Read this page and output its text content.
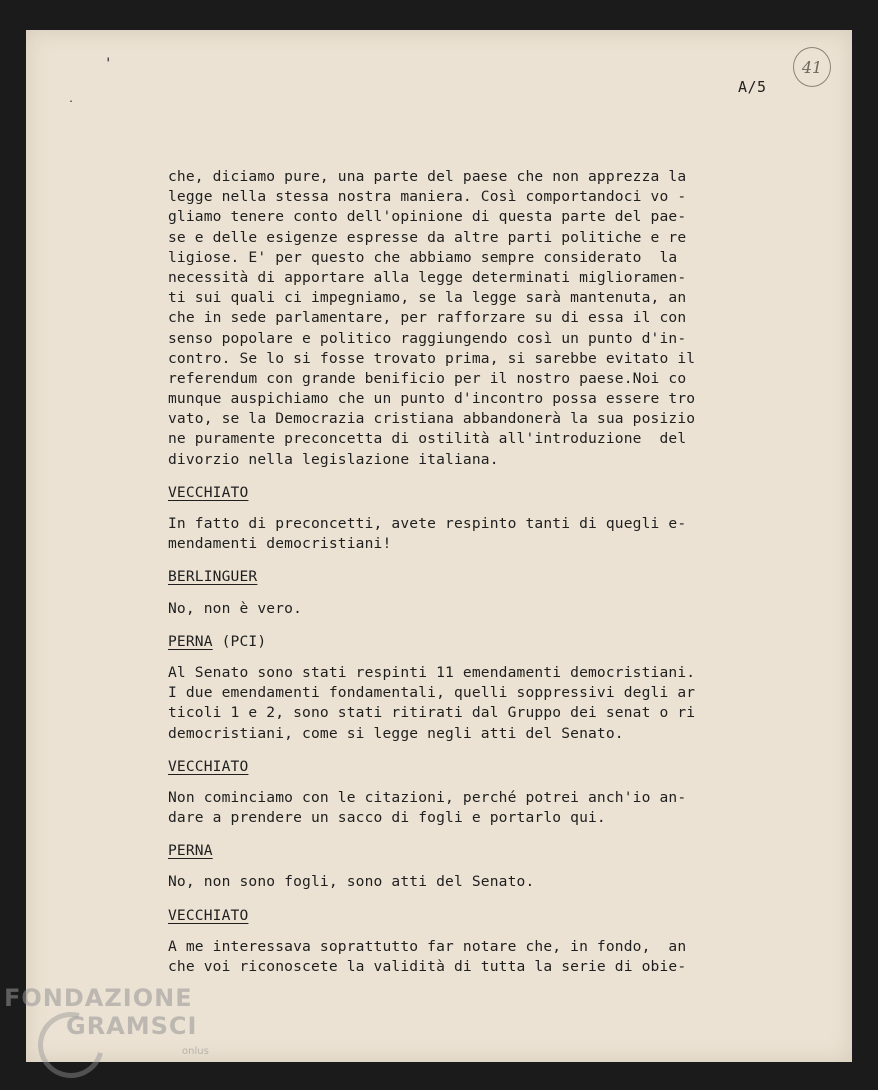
'
.
A/5
41
che, diciamo pure, una parte del paese che non apprezza la
legge nella stessa nostra maniera. Così comportandoci vo -
gliamo tenere conto dell'opinione di questa parte del pae-
se e delle esigenze espresse da altre parti politiche e re
ligiose. E' per questo che abbiamo sempre considerato  la
necessità di apportare alla legge determinati miglioramen-
ti sui quali ci impegniamo, se la legge sarà mantenuta, an
che in sede parlamentare, per rafforzare su di essa il con
senso popolare e politico raggiungendo così un punto d'in-
contro. Se lo si fosse trovato prima, si sarebbe evitato il
referendum con grande benificio per il nostro paese.Noi co
munque auspichiamo che un punto d'incontro possa essere tro
vato, se la Democrazia cristiana abbandonerà la sua posizio
ne puramente preconcetta di ostilità all'introduzione  del
divorzio nella legislazione italiana.
VECCHIATO
In fatto di preconcetti, avete respinto tanti di quegli e-
mendamenti democristiani!
BERLINGUER
No, non è vero.
PERNA (PCI)
Al Senato sono stati respinti 11 emendamenti democristiani.
I due emendamenti fondamentali, quelli soppressivi degli ar
ticoli 1 e 2, sono stati ritirati dal Gruppo dei senat o ri
democristiani, come si legge negli atti del Senato.
VECCHIATO
Non cominciamo con le citazioni, perché potrei anch'io an-
dare a prendere un sacco di fogli e portarlo qui.
PERNA
No, non sono fogli, sono atti del Senato.
VECCHIATO
A me interessava soprattutto far notare che, in fondo,  an
che voi riconoscete la validità di tutta la serie di obie-
FONDAZIONE
GRAMSCI
onlus
